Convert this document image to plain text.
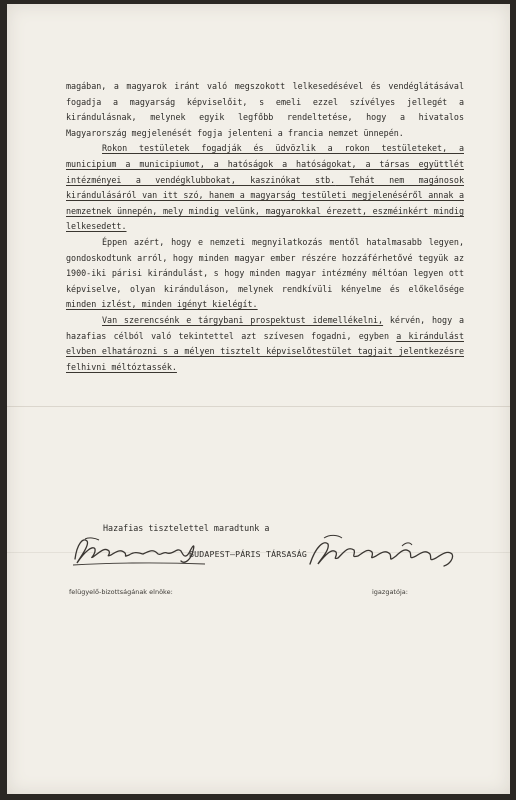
magában, a magyarok iránt való megszokott lelkesedésével és vendéglátásával fogadja a magyarság képviselőit, s emeli ezzel szívélyes jellegét a kirándulásnak, melynek egyik legfőbb rendeltetése, hogy a hivatalos Magyarország megjelenését fogja jelenteni a francia nemzet ünnepén.

Rokon testületek fogadják és üdvözlik a rokon testületeket, a municipium a municipiumot, a hatóságok a hatóságokat, a társas együttlét intézményei a vendégklubbokat, kaszinókat stb. Tehát nem magánosok kirándulásáról van itt szó, hanem a magyarság testületi megjelenéséről annak a nemzetnek ünnepén, mely mindig velünk, magyarokkal érezett, eszméinkért mindig lelkesedett.

Éppen azért, hogy e nemzeti megnyilatkozás mentől hatalmasabb legyen, gondoskodtunk arról, hogy minden magyar ember részére hozzáférhetővé tegyük az 1900-iki párisi kirándulást, s hogy minden magyar intézmény méltóan legyen ott képviselve, olyan kiránduláson, melynek rendkívüli kényelme és előkelősége minden izlést, minden igényt kielégít.

Van szerencsénk e tárgybani prospektust idemellékelni, kérvén, hogy a hazafias célból való tekintettel azt szívesen fogadni, egyben a kirándulást elvben elhatározni s a mélyen tisztelt képviselőtestület tagjait jelentkezésre felhivni méltóztassék.

Hazafias tisztelettel maradtunk a
BUDAPEST—PÁRIS TÁRSASÁG
felügyelő-bizottságának elnöke:	igazgatója:
